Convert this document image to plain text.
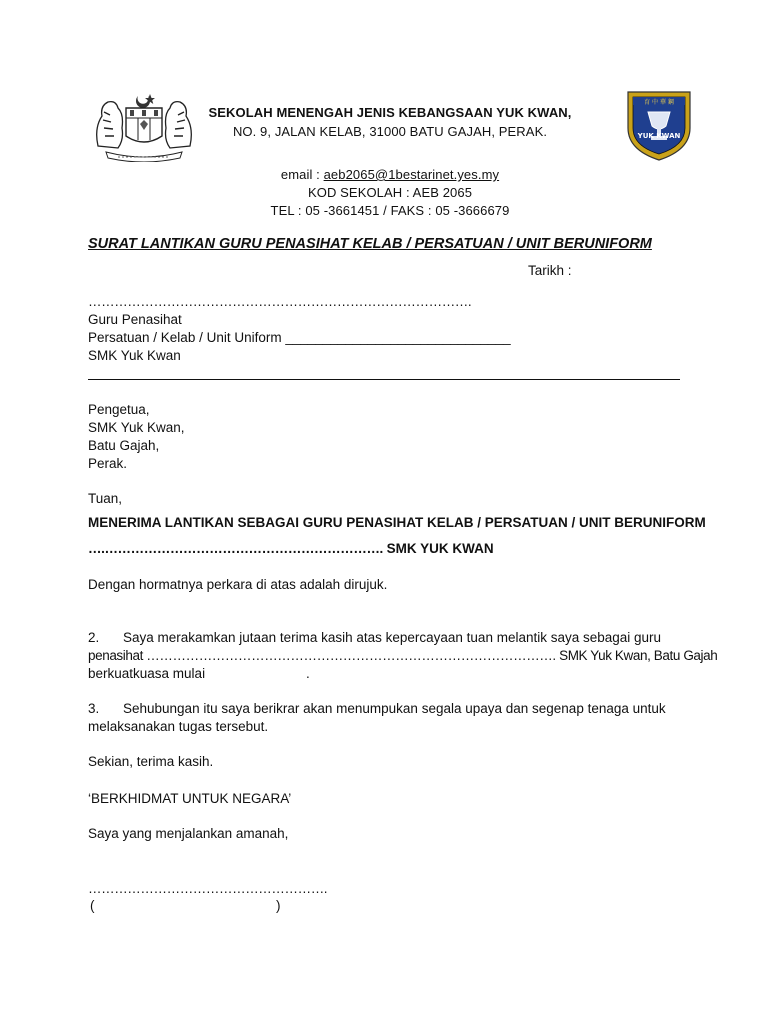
育 中 華 鋼
YUK KWAN
SEKOLAH MENENGAH JENIS KEBANGSAAN YUK KWAN,
NO. 9, JALAN KELAB, 31000 BATU GAJAH, PERAK.
email : aeb2065@1bestarinet.yes.my
KOD SEKOLAH : AEB 2065
TEL : 05 -3661451 / FAKS : 05 -3666679
SURAT LANTIKAN GURU PENASIHAT KELAB / PERSATUAN / UNIT BERUNIFORM
Tarikh :
…………………………………………………………………………….
Guru Penasihat
Persatuan / Kelab / Unit Uniform ______________________________
SMK Yuk Kwan
Pengetua,
SMK Yuk Kwan,
Batu Gajah,
Perak.
Tuan,
MENERIMA LANTIKAN SEBAGAI GURU PENASIHAT KELAB / PERSATUAN / UNIT BERUNIFORM
….………………………………………………………. SMK YUK KWAN
Dengan hormatnya perkara di atas adalah dirujuk.
2. Saya merakamkan jutaan terima kasih atas kepercayaan tuan melantik saya sebagai guru
penasihat …………………………………………………………………………………. SMK Yuk Kwan, Batu Gajah
berkuatkuasa mulai	.
3. Sehubungan itu saya berikrar akan menumpukan segala upaya dan segenap tenaga untuk
melaksanakan tugas tersebut.
Sekian, terima kasih.
‘BERKHIDMAT UNTUK NEGARA’
Saya yang menjalankan amanah,
……………………………………………….
(	)
